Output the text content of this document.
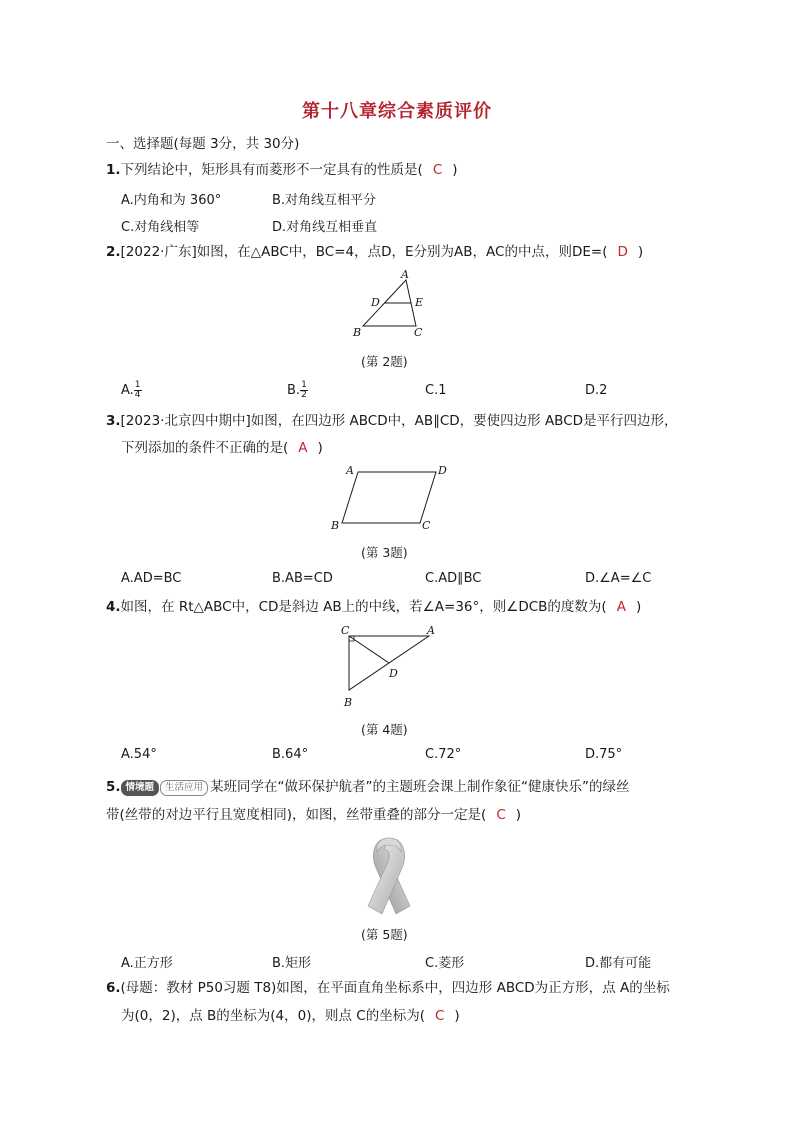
第十八章综合素质评价
一、选择题(每题 3分，共 30分)
1.下列结论中，矩形具有而菱形不一定具有的性质是( C )
A.内角和为 360°	B.对角线互相平分
C.对角线相等	D.对角线互相垂直
2.[2022·广东]如图，在△ABC中，BC=4，点D，E分别为AB，AC的中点，则DE=( D )
A
D	E
B	C
(第 2题)
A. $\frac{1}{4}$	B. $\frac{1}{2}$	C.1	D.2
3.[2023·北京四中期中]如图，在四边形 ABCD中，AB∥CD，要使四边形 ABCD是平行四边形，
下列添加的条件不正确的是( A )
A	D
B	C
(第 3题)
A.AD=BC	B.AB=CD	C.AD∥BC	D.∠A=∠C
4.如图，在 Rt△ABC中，CD是斜边 AB上的中线，若∠A=36°，则∠DCB的度数为( A )
C	A
D
B
(第 4题)
A.54°	B.64°	C.72°	D.75°
5. 情境题 生活应用 某班同学在“做环保护航者”的主题班会课上制作象征“健康快乐”的绿丝
带(丝带的对边平行且宽度相同)，如图，丝带重叠的部分一定是( C )
(第 5题)
A.正方形	B.矩形	C.菱形	D.都有可能
6.(母题：教材 P50习题 T8)如图，在平面直角坐标系中，四边形 ABCD为正方形，点 A的坐标
为(0，2)，点 B的坐标为(4，0)，则点 C的坐标为( C )
